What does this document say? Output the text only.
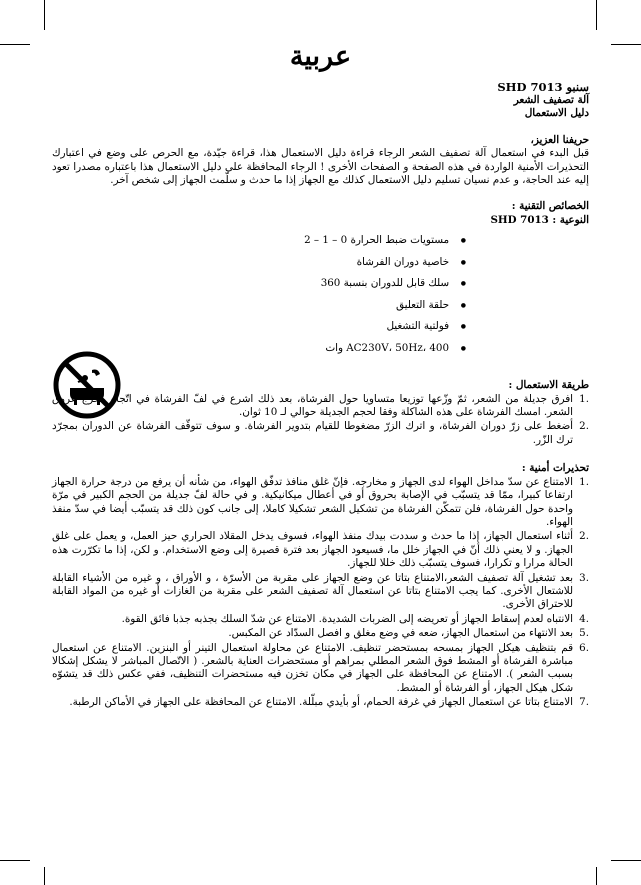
عربية

سنبو SHD 7013

آلة تصفيف الشعر

دليل الاستعمال

حريفنا العزيز،

قبل البدء في استعمال آلة تصفيف الشعر الرجاء قراءة دليل الاستعمال هذا، قراءة جيّدة، مع الحرص على وضع في اعتبارك التحذيرات الأمنية الواردة في هذه الصفحة و الصفحات الأخرى ! الرجاء المحافظة على دليل الاستعمال هذا باعتباره مصدرا تعود إليه عند الحاجة، و عدم نسيان تسليم دليل الاستعمال كذلك مع الجهاز إذا ما حدث و سلّمت الجهاز إلى شخص آخر.

الخصائص التقنية :

النوعية : SHD 7013

● مستويات ضبط الحرارة 0 – 1 – 2
● خاصية دوران الفرشاة
● سلك قابل للدوران بنسبة 360
● حلقة التعليق
● فولتية التشغيل
● AC230V، 50Hz، 400 وات

طريقة الاستعمال :

1.
افرق جديلة من الشعر، ثمّ وزّعها توزيعا متساويا حول الفرشاة، بعد ذلك اشرع في لفّ الفرشاة في اتّجاه مخرج عروق الشعر. امسك الفرشاة على هذه الشاكلة وفقا لحجم الجديلة حوالي لـ 10 ثوان.
2.
أضغط على زرّ دوران الفرشاة، و اترك الزرّ مضغوطا للقيام بتدوير الفرشاة. و سوف تتوقّف الفرشاة عن الدوران بمجرّد ترك الزّر.

تحذيرات أمنية :

1.
الامتناع عن سدّ مداخل الهواء لدى الجهاز و مخارجه. فإنّ غلق منافذ تدفّق الهواء، من شأنه أن يرفع من درجة حرارة الجهاز ارتفاعا كبيرا، ممّا قد يتسبّب في الإصابة بحروق أو في أعطال ميكانيكية. و في حالة لفّ جديلة من الحجم الكبير في مرّة واحدة حول الفرشاة، فلن تتمكّن الفرشاة من تشكيل الشعر تشكيلا كاملا، إلى جانب كون ذلك قد يتسبّب أيضا في سدّ منفذ الهواء.
2.
أثناء استعمال الجهاز، إذا ما حدث و سددت بيدك منفذ الهواء، فسوف يدخل المقلاد الحراري حيز العمل، و يعمل على غلق الجهاز. و لا يعني ذلك أنّ في الجهاز خلل ما، فسيعود الجهاز بعد فترة قصيرة إلى وضع الاستخدام. و لكن، إذا ما تكرّرت هذه الحالة مرارا و تكرارا، فسوف يتسبّب ذلك خللا للجهاز.
3.
بعد تشغيل آلة تصفيف الشعر،الامتناع بتاتا عن وضع الجهاز على مقربة من الأسرّة ، و الأوراق ، و غيره من الأشياء القابلة للاشتعال الأخرى. كما يجب الامتناع بتاتا عن استعمال آلة تصفيف الشعر على مقربة من الغازات أو غيره من المواد القابلة للاحتراق الأخرى.
4.
الانتباه لعدم إسقاط الجهاز أو تعريضه إلى الضربات الشديدة. الامتناع عن شدّ السلك بجذبه جذبا فائق القوة.
5.
بعد الانتهاء من استعمال الجهاز، ضعه في وضع مغلق و افصل السدّاد عن المكبس.
6.
قم بتنظيف هيكل الجهاز بمسحه بمستحضر تنظيف. الامتناع عن محاولة استعمال التينر أو البنزين. الامتناع عن استعمال مباشرة الفرشاة أو المشط فوق الشعر المطلي بمراهم أو مستحضرات العناية بالشعر. ( الاتّصال المباشر لا يشكل إشكالا بسبب الشعر ). الامتناع عن المحافظة على الجهاز في مكان تخزن فيه مستحضرات التنظيف، ففي عكس ذلك قد يتشوّه شكل هيكل الجهاز، أو الفرشاة أو المشط.
7.
الامتناع بتاتا عن استعمال الجهاز في غرفة الحمام، أو بأيدي مبلّلة. الامتناع عن المحافظة على الجهاز في الأماكن الرطبة.
